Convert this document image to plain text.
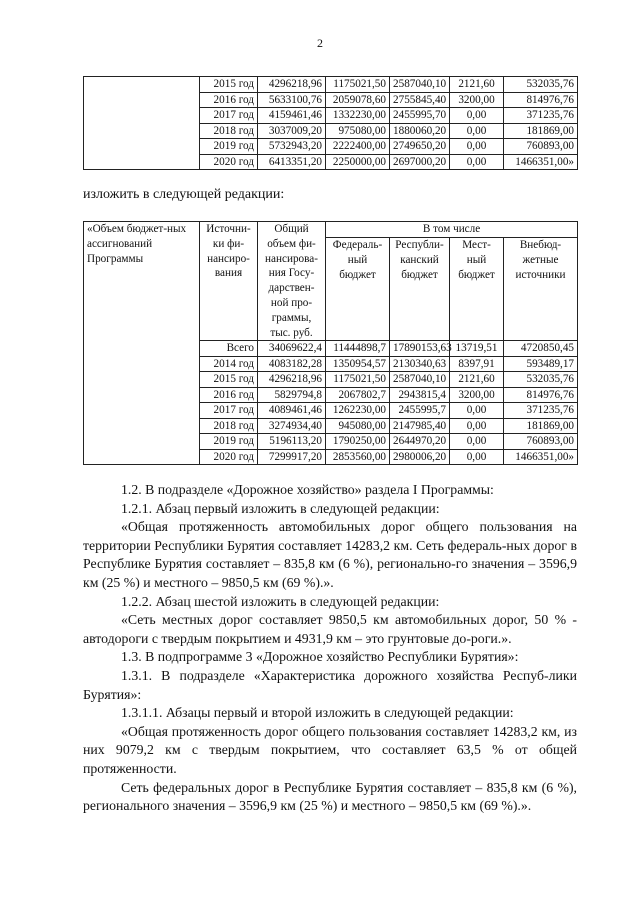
2
	2015 год	4296218,96	1175021,50	2587040,10	2121,60	532035,76
	2016 год	5633100,76	2059078,60	2755845,40	3200,00	814976,76
	2017 год	4159461,46	1332230,00	2455995,70	0,00	371235,76
	2018 год	3037009,20	975080,00	1880060,20	0,00	181869,00
	2019 год	5732943,20	2222400,00	2749650,20	0,00	760893,00
	2020 год	6413351,20	2250000,00	2697000,20	0,00	1466351,00»
изложить в следующей редакции:
«Объем бюджет-ных ассигнований Программы	Источни-ки фи-нансиро-вания	Общий объем фи-нансирова-ния Госу-дарствен-ной про-граммы, тыс. руб.	В том числе			
			Федераль-ный бюджет	Республи-канский бюджет	Мест-ный бюджет	Внебюд-жетные источники
	Всего	34069622,4	11444898,7	17890153,63	13719,51	4720850,45
	2014 год	4083182,28	1350954,57	2130340,63	8397,91	593489,17
	2015 год	4296218,96	1175021,50	2587040,10	2121,60	532035,76
	2016 год	5829794,8	2067802,7	2943815,4	3200,00	814976,76
	2017 год	4089461,46	1262230,00	2455995,7	0,00	371235,76
	2018 год	3274934,40	945080,00	2147985,40	0,00	181869,00
	2019 год	5196113,20	1790250,00	2644970,20	0,00	760893,00
	2020 год	7299917,20	2853560,00	2980006,20	0,00	1466351,00»

1.2. В подразделе «Дорожное хозяйство» раздела I Программы:

1.2.1. Абзац первый изложить в следующей редакции:

«Общая протяженность автомобильных дорог общего пользования на территории Республики Бурятия составляет 14283,2 км. Сеть федераль-ных дорог в Республике Бурятия составляет – 835,8 км (6 %), регионально-го значения – 3596,9 км (25 %) и местного – 9850,5 км (69 %).».

1.2.2. Абзац шестой изложить в следующей редакции:

«Сеть местных дорог составляет 9850,5 км автомобильных дорог, 50 % - автодороги с твердым покрытием и 4931,9 км – это грунтовые до-роги.».

1.3. В подпрограмме 3 «Дорожное хозяйство Республики Бурятия»:

1.3.1. В подразделе «Характеристика дорожного хозяйства Респуб-лики Бурятия»:

1.3.1.1. Абзацы первый и второй изложить в следующей редакции:

«Общая протяженность дорог общего пользования составляет 14283,2 км, из них 9079,2 км с твердым покрытием, что составляет 63,5 % от общей протяженности.

Сеть федеральных дорог в Республике Бурятия составляет – 835,8 км (6 %), регионального значения – 3596,9 км (25 %) и местного – 9850,5 км (69 %).».
